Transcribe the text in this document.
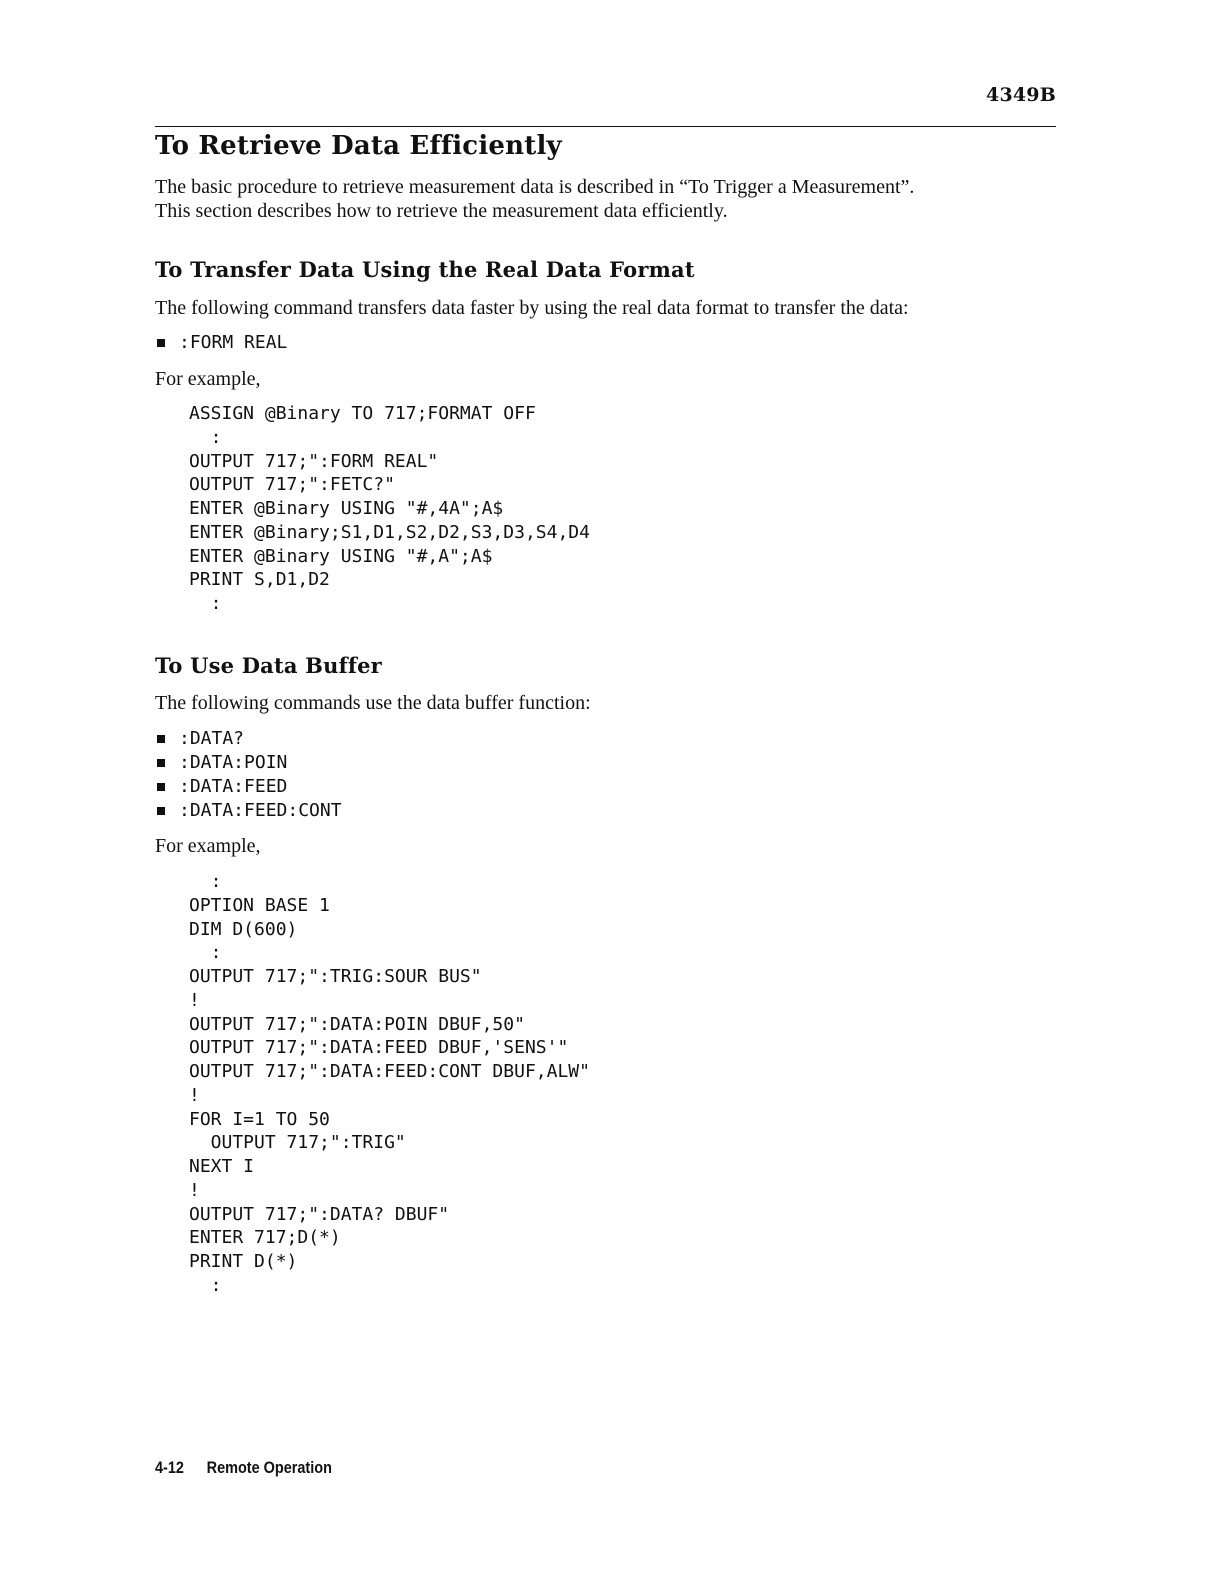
4349B
To Retrieve Data Efficiently

The basic procedure to retrieve measurement data is described in “To Trigger a Measurement”.

This section describes how to retrieve the measurement data efficiently.

To Transfer Data Using the Real Data Format

The following command transfers data faster by using the real data format to transfer the data:

:FORM REAL

For example,

ASSIGN @Binary TO 717;FORMAT OFF
:
OUTPUT 717;":FORM REAL"
OUTPUT 717;":FETC?"
ENTER @Binary USING "#,4A";A$
ENTER @Binary;S1,D1,S2,D2,S3,D3,S4,D4
ENTER @Binary USING "#,A";A$
PRINT S,D1,D2
:
To Use Data Buffer

The following commands use the data buffer function:

:DATA?
:DATA:POIN
:DATA:FEED
:DATA:FEED:CONT

For example,

:
OPTION BASE 1
DIM D(600)
:
OUTPUT 717;":TRIG:SOUR BUS"
!
OUTPUT 717;":DATA:POIN DBUF,50"
OUTPUT 717;":DATA:FEED DBUF,'SENS'"
OUTPUT 717;":DATA:FEED:CONT DBUF,ALW"
!
FOR I=1 TO 50
OUTPUT 717;":TRIG"
NEXT I
!
OUTPUT 717;":DATA? DBUF"
ENTER 717;D(*)
PRINT D(*)
:
4-12 Remote Operation
